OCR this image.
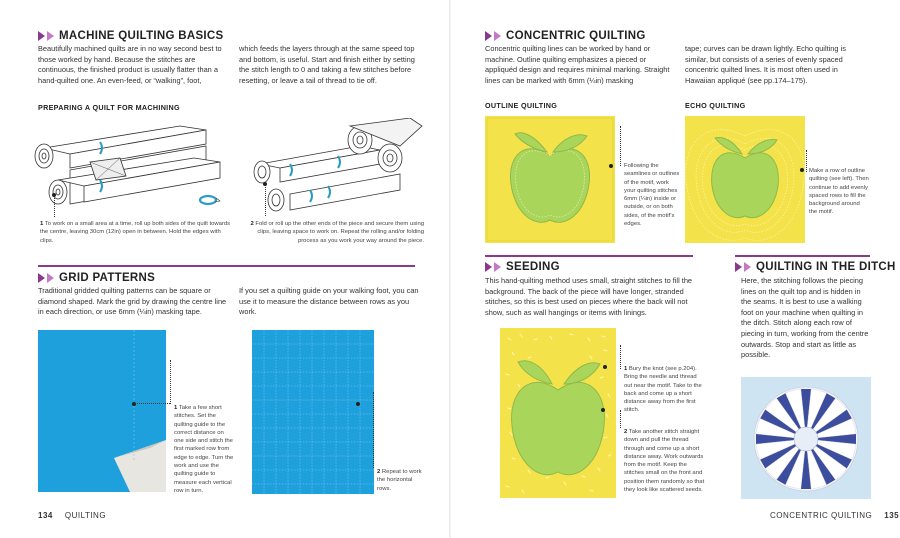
MACHINE QUILTING BASICS
Beautifully machined quilts are in no way second best to those worked by hand. Because the stitches are continuous, the finished product is usually flatter than a hand-quilted one. An even-feed, or “walking”, foot,
which feeds the layers through at the same speed top and bottom, is useful. Start and finish either by setting the stitch length to 0 and taking a few stitches before resetting, or leave a tail of thread to tie off.
PREPARING A QUILT FOR MACHINING
1 To work on a small area at a time, roll up both sides of the quilt towards the centre, leaving 30cm (12in) open in between. Hold the edges with clips.
2 Fold or roll up the other ends of the piece and secure them using clips, leaving space to work on. Repeat the rolling and/or folding process as you work your way around the piece.
GRID PATTERNS
Traditional gridded quilting patterns can be square or diamond shaped. Mark the grid by drawing the centre line in each direction, or use 6mm (¼in) masking tape.
If you set a quilting guide on your walking foot, you can use it to measure the distance between rows as you work.
1 Take a few short stitches. Set the quilting guide to the correct distance on one side and stitch the first marked row from edge to edge. Turn the work and use the quilting guide to measure each vertical row in turn.
2 Repeat to work the horizontal rows.
134 QUILTING
CONCENTRIC QUILTING
Concentric quilting lines can be worked by hand or machine. Outline quilting emphasizes a pieced or appliquéd design and requires minimal marking. Straight lines can be marked with 6mm (¼in) masking
tape; curves can be drawn lightly. Echo quilting is similar, but consists of a series of evenly spaced concentric quilted lines. It is most often used in Hawaiian appliqué (see pp.174–175).
OUTLINE QUILTING	ECHO QUILTING
Following the seamlines or outlines of the motif, work your quilting stitches 6mm (¼in) inside or outside, or on both sides, of the motif’s edges.
Make a row of outline quilting (see left). Then continue to add evenly spaced rows to fill the background around the motif.
SEEDING
This hand-quilting method uses small, straight stitches to fill the background. The back of the piece will have longer, stranded stitches, so this is best used on pieces where the back will not show, such as wall hangings or items with linings.
1 Bury the knot (see p.204). Bring the needle and thread out near the motif. Take to the back and come up a short distance away from the first stitch.
2 Take another stitch straight down and pull the thread through and come up a short distance away. Work outwards from the motif. Keep the stitches small on the front and position them randomly so that they look like scattered seeds.
QUILTING IN THE DITCH
Here, the stitching follows the piecing lines on the quilt top and is hidden in the seams. It is best to use a walking foot on your machine when quilting in the ditch. Stitch along each row of piecing in turn, working from the centre outwards. Stop and start as little as possible.
CONCENTRIC QUILTING 135
